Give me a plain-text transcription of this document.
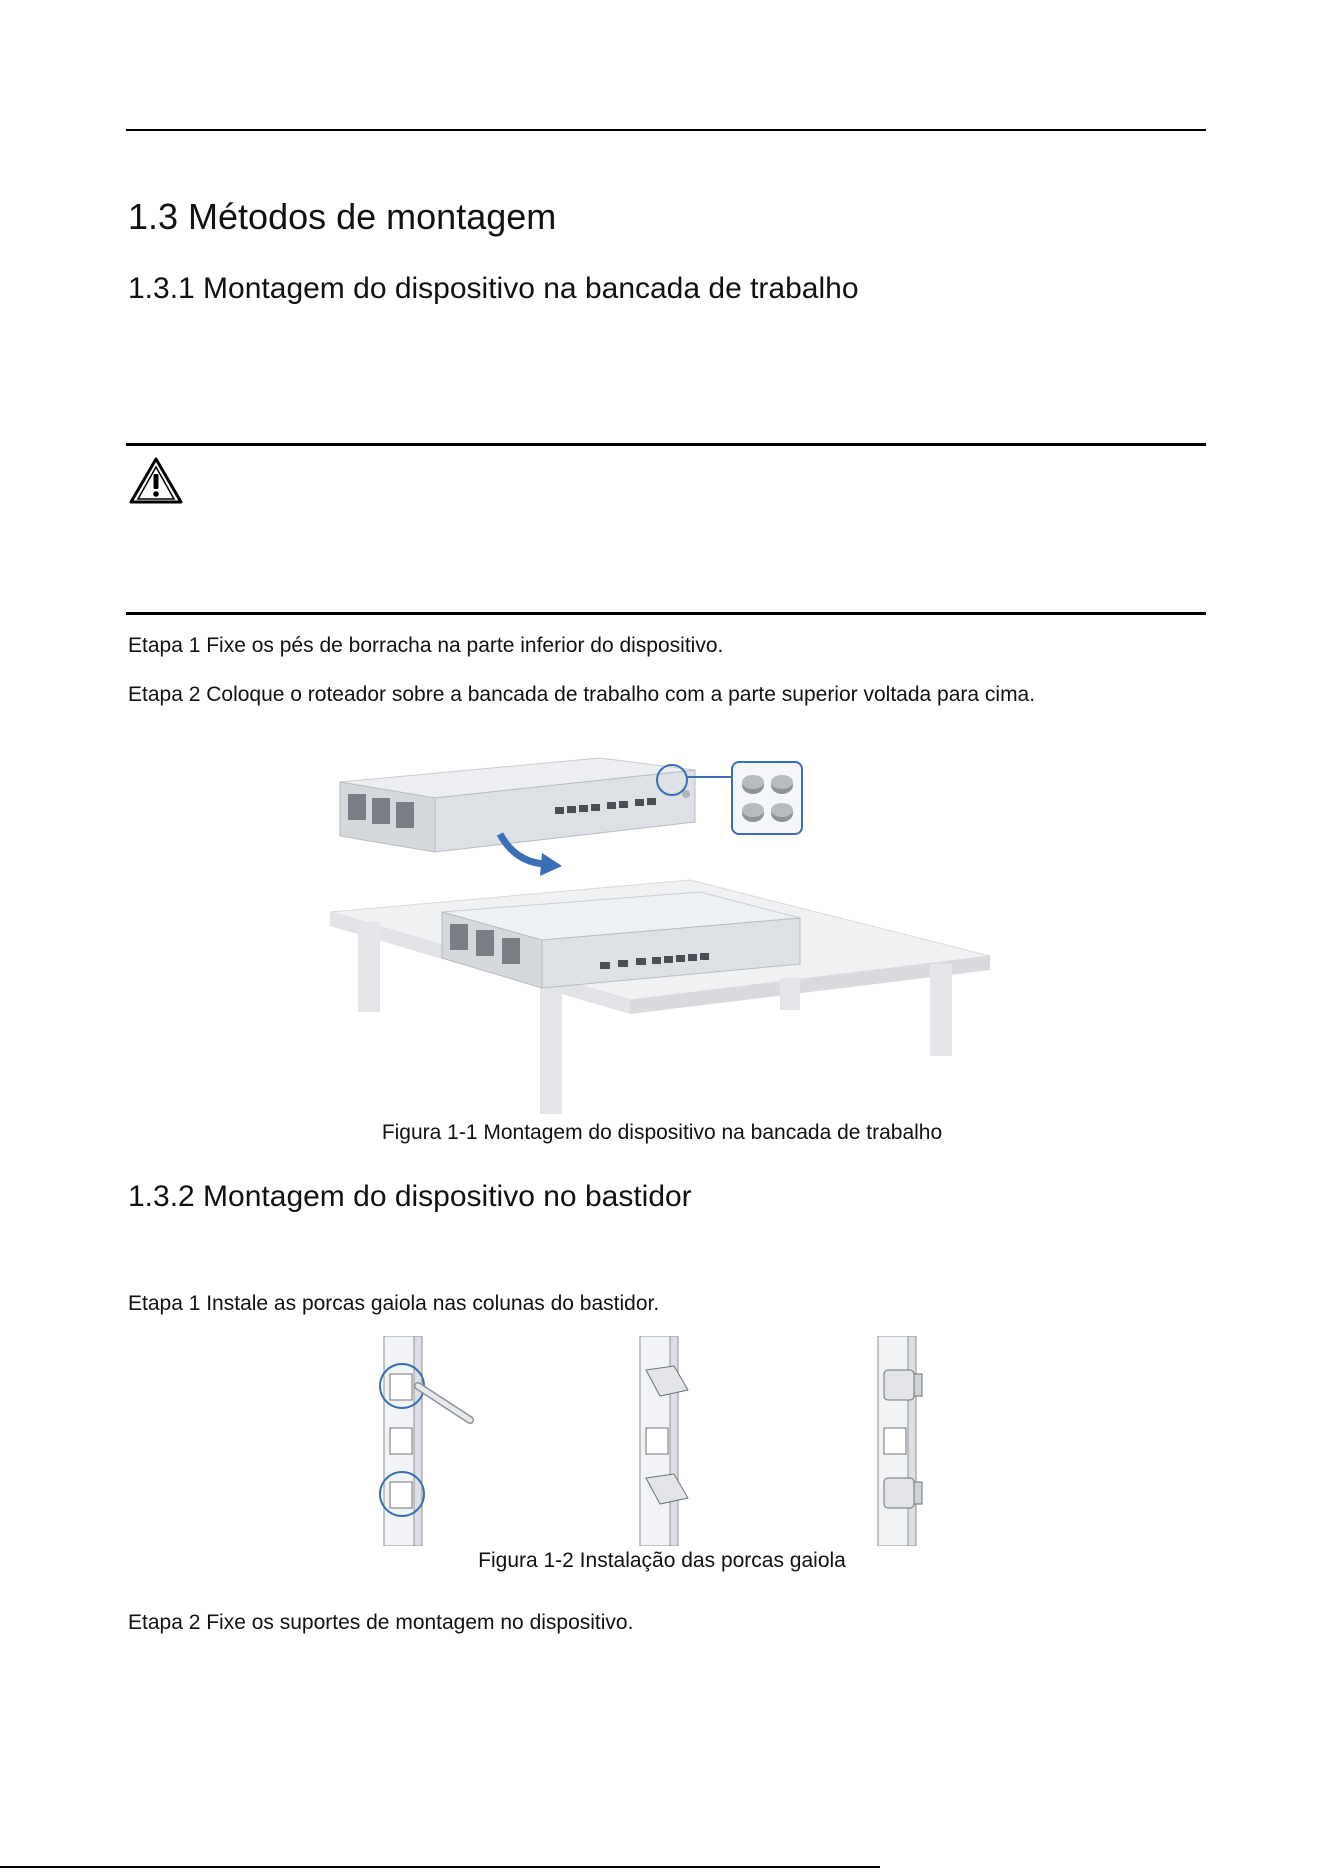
1.3 Métodos de montagem
1.3.1 Montagem do dispositivo na bancada de trabalho

Etapa 1 Fixe os pés de borracha na parte inferior do dispositivo.

Etapa 2 Coloque o roteador sobre a bancada de trabalho com a parte superior voltada para cima.

Figura 1-1 Montagem do dispositivo na bancada de trabalho

1.3.2 Montagem do dispositivo no bastidor

Etapa 1 Instale as porcas gaiola nas colunas do bastidor.

Figura 1-2 Instalação das porcas gaiola

Etapa 2 Fixe os suportes de montagem no dispositivo.
